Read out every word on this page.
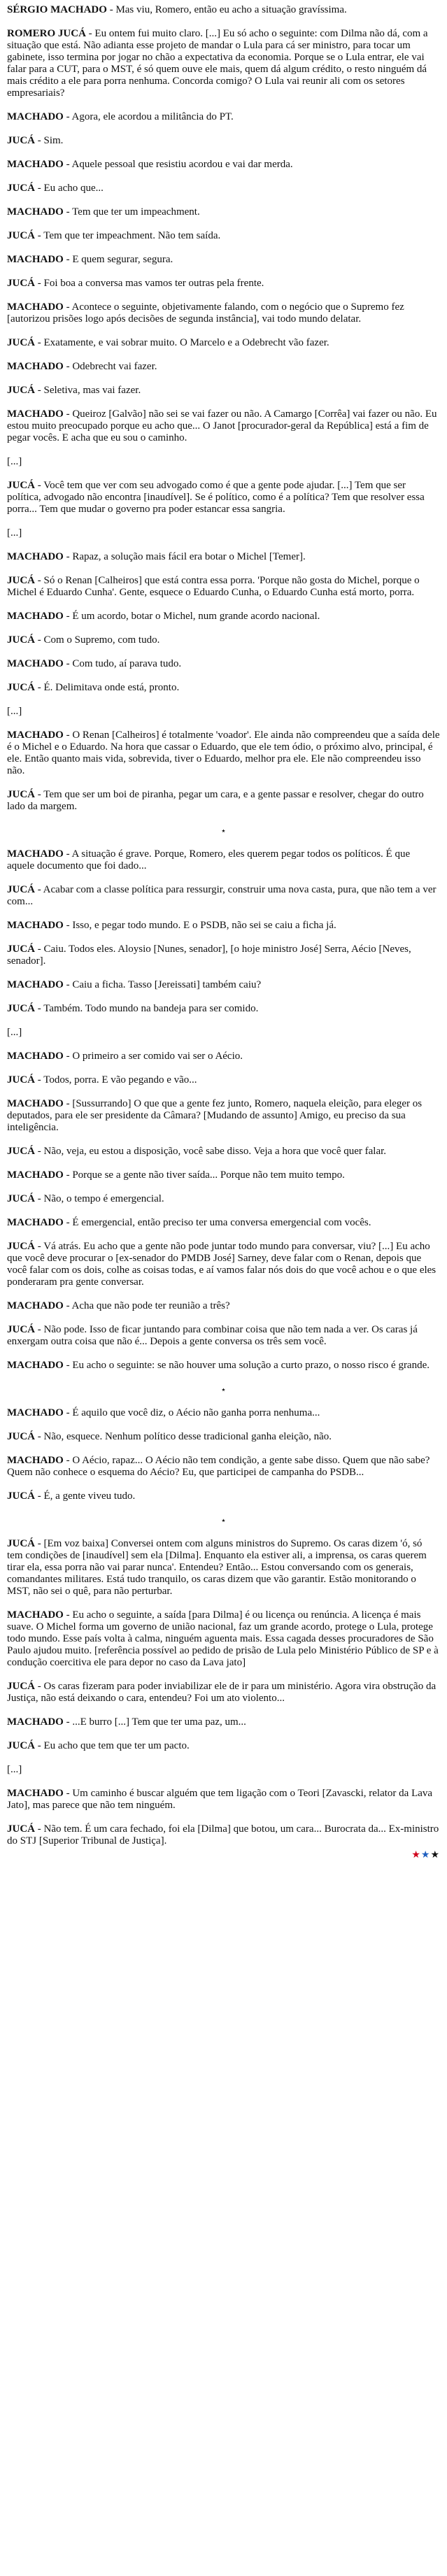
SÉRGIO MACHADO - Mas viu, Romero, então eu acho a situação gravíssima.

ROMERO JUCÁ - Eu ontem fui muito claro. [...] Eu só acho o seguinte: com Dilma não dá, com a situação que está. Não adianta esse projeto de mandar o Lula para cá ser ministro, para tocar um gabinete, isso termina por jogar no chão a expectativa da economia. Porque se o Lula entrar, ele vai falar para a CUT, para o MST, é só quem ouve ele mais, quem dá algum crédito, o resto ninguém dá mais crédito a ele para porra nenhuma. Concorda comigo? O Lula vai reunir ali com os setores empresariais?

MACHADO - Agora, ele acordou a militância do PT.

JUCÁ - Sim.

MACHADO - Aquele pessoal que resistiu acordou e vai dar merda.

JUCÁ - Eu acho que...

MACHADO - Tem que ter um impeachment.

JUCÁ - Tem que ter impeachment. Não tem saída.

MACHADO - E quem segurar, segura.

JUCÁ - Foi boa a conversa mas vamos ter outras pela frente.

MACHADO - Acontece o seguinte, objetivamente falando, com o negócio que o Supremo fez [autorizou prisões logo após decisões de segunda instância], vai todo mundo delatar.

JUCÁ - Exatamente, e vai sobrar muito. O Marcelo e a Odebrecht vão fazer.

MACHADO - Odebrecht vai fazer.

JUCÁ - Seletiva, mas vai fazer.

MACHADO - Queiroz [Galvão] não sei se vai fazer ou não. A Camargo [Corrêa] vai fazer ou não. Eu estou muito preocupado porque eu acho que... O Janot [procurador-geral da República] está a fim de pegar vocês. E acha que eu sou o caminho.

[...]

JUCÁ - Você tem que ver com seu advogado como é que a gente pode ajudar. [...] Tem que ser política, advogado não encontra [inaudível]. Se é político, como é a política? Tem que resolver essa porra... Tem que mudar o governo pra poder estancar essa sangria.

[...]

MACHADO - Rapaz, a solução mais fácil era botar o Michel [Temer].

JUCÁ - Só o Renan [Calheiros] que está contra essa porra. 'Porque não gosta do Michel, porque o Michel é Eduardo Cunha'. Gente, esquece o Eduardo Cunha, o Eduardo Cunha está morto, porra.

MACHADO - É um acordo, botar o Michel, num grande acordo nacional.

JUCÁ - Com o Supremo, com tudo.

MACHADO - Com tudo, aí parava tudo.

JUCÁ - É. Delimitava onde está, pronto.

[...]

MACHADO - O Renan [Calheiros] é totalmente 'voador'. Ele ainda não compreendeu que a saída dele é o Michel e o Eduardo. Na hora que cassar o Eduardo, que ele tem ódio, o próximo alvo, principal, é ele. Então quanto mais vida, sobrevida, tiver o Eduardo, melhor pra ele. Ele não compreendeu isso não.

JUCÁ - Tem que ser um boi de piranha, pegar um cara, e a gente passar e resolver, chegar do outro lado da margem.

⋆

MACHADO - A situação é grave. Porque, Romero, eles querem pegar todos os políticos. É que aquele documento que foi dado...

JUCÁ - Acabar com a classe política para ressurgir, construir uma nova casta, pura, que não tem a ver com...

MACHADO - Isso, e pegar todo mundo. E o PSDB, não sei se caiu a ficha já.

JUCÁ - Caiu. Todos eles. Aloysio [Nunes, senador], [o hoje ministro José] Serra, Aécio [Neves, senador].

MACHADO - Caiu a ficha. Tasso [Jereissati] também caiu?

JUCÁ - Também. Todo mundo na bandeja para ser comido.

[...]

MACHADO - O primeiro a ser comido vai ser o Aécio.

JUCÁ - Todos, porra. E vão pegando e vão...

MACHADO - [Sussurrando] O que que a gente fez junto, Romero, naquela eleição, para eleger os deputados, para ele ser presidente da Câmara? [Mudando de assunto] Amigo, eu preciso da sua inteligência.

JUCÁ - Não, veja, eu estou a disposição, você sabe disso. Veja a hora que você quer falar.

MACHADO - Porque se a gente não tiver saída... Porque não tem muito tempo.

JUCÁ - Não, o tempo é emergencial.

MACHADO - É emergencial, então preciso ter uma conversa emergencial com vocês.

JUCÁ - Vá atrás. Eu acho que a gente não pode juntar todo mundo para conversar, viu? [...] Eu acho que você deve procurar o [ex-senador do PMDB José] Sarney, deve falar com o Renan, depois que você falar com os dois, colhe as coisas todas, e aí vamos falar nós dois do que você achou e o que eles ponderaram pra gente conversar.

MACHADO - Acha que não pode ter reunião a três?

JUCÁ - Não pode. Isso de ficar juntando para combinar coisa que não tem nada a ver. Os caras já enxergam outra coisa que não é... Depois a gente conversa os três sem você.

MACHADO - Eu acho o seguinte: se não houver uma solução a curto prazo, o nosso risco é grande.

⋆

MACHADO - É aquilo que você diz, o Aécio não ganha porra nenhuma...

JUCÁ - Não, esquece. Nenhum político desse tradicional ganha eleição, não.

MACHADO - O Aécio, rapaz... O Aécio não tem condição, a gente sabe disso. Quem que não sabe? Quem não conhece o esquema do Aécio? Eu, que participei de campanha do PSDB...

JUCÁ - É, a gente viveu tudo.

⋆

JUCÁ - [Em voz baixa] Conversei ontem com alguns ministros do Supremo. Os caras dizem 'ó, só tem condições de [inaudível] sem ela [Dilma]. Enquanto ela estiver ali, a imprensa, os caras querem tirar ela, essa porra não vai parar nunca'. Entendeu? Então... Estou conversando com os generais, comandantes militares. Está tudo tranquilo, os caras dizem que vão garantir. Estão monitorando o MST, não sei o quê, para não perturbar.

MACHADO - Eu acho o seguinte, a saída [para Dilma] é ou licença ou renúncia. A licença é mais suave. O Michel forma um governo de união nacional, faz um grande acordo, protege o Lula, protege todo mundo. Esse país volta à calma, ninguém aguenta mais. Essa cagada desses procuradores de São Paulo ajudou muito. [referência possível ao pedido de prisão de Lula pelo Ministério Público de SP e à condução coercitiva ele para depor no caso da Lava jato]

JUCÁ - Os caras fizeram para poder inviabilizar ele de ir para um ministério. Agora vira obstrução da Justiça, não está deixando o cara, entendeu? Foi um ato violento...

MACHADO - ...E burro [...] Tem que ter uma paz, um...

JUCÁ - Eu acho que tem que ter um pacto.

[...]

MACHADO - Um caminho é buscar alguém que tem ligação com o Teori [Zavascki, relator da Lava Jato], mas parece que não tem ninguém.

JUCÁ - Não tem. É um cara fechado, foi ela [Dilma] que botou, um cara... Burocrata da... Ex-ministro do STJ [Superior Tribunal de Justiça].

★★★
